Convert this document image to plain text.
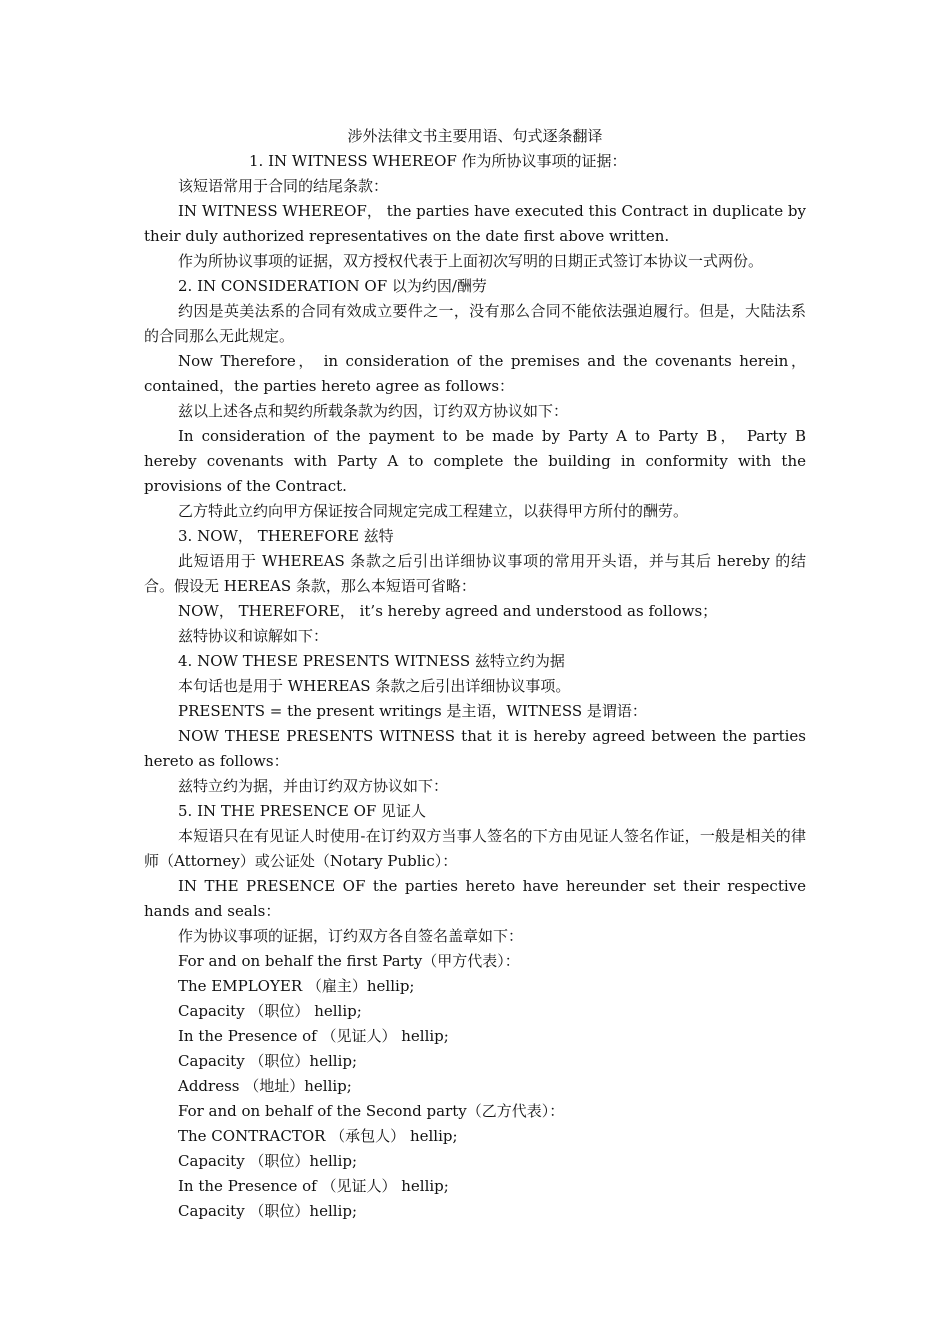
涉外法律文书主要用语、句式逐条翻译

1. IN WITNESS WHEREOF 作为所协议事项的证据：

该短语常用于合同的结尾条款：

IN WITNESS WHEREOF， the parties have executed this Contract in duplicate by their duly authorized representatives on the date first above written.

作为所协议事项的证据，双方授权代表于上面初次写明的日期正式签订本协议一式两份。

2. IN CONSIDERATION OF 以为约因/酬劳

约因是英美法系的合同有效成立要件之一，没有那么合同不能依法强迫履行。但是，大陆法系的合同那么无此规定。

Now Therefore， in consideration of the premises and the covenants herein， contained，the parties hereto agree as follows：

兹以上述各点和契约所载条款为约因，订约双方协议如下：

In consideration of the payment to be made by Party A to Party B， Party B hereby covenants with Party A to complete the building in conformity with the provisions of the Contract.

乙方特此立约向甲方保证按合同规定完成工程建立，以获得甲方所付的酬劳。

3. NOW， THEREFORE 兹特

此短语用于 WHEREAS 条款之后引出详细协议事项的常用开头语，并与其后 hereby 的结合。假设无 HEREAS 条款，那么本短语可省略：

NOW， THEREFORE， it’s hereby agreed and understood as follows；

兹特协议和谅解如下：

4. NOW THESE PRESENTS WITNESS 兹特立约为据

本句话也是用于 WHEREAS 条款之后引出详细协议事项。

PRESENTS = the present writings 是主语，WITNESS 是谓语：

NOW THESE PRESENTS WITNESS that it is hereby agreed between the parties hereto as follows：

兹特立约为据，并由订约双方协议如下：

5. IN THE PRESENCE OF 见证人

本短语只在有见证人时使用-在订约双方当事人签名的下方由见证人签名作证，一般是相关的律师（Attorney）或公证处（Notary Public）：

IN THE PRESENCE OF the parties hereto have hereunder set their respective hands and seals：

作为协议事项的证据，订约双方各自签名盖章如下：

For and on behalf the first Party（甲方代表）：

The EMPLOYER （雇主）hellip;

Capacity （职位） hellip;

In the Presence of （见证人） hellip;

Capacity （职位）hellip;

Address （地址）hellip;

For and on behalf of the Second party（乙方代表）：

The CONTRACTOR （承包人） hellip;

Capacity （职位）hellip;

In the Presence of （见证人） hellip;

Capacity （职位）hellip;
